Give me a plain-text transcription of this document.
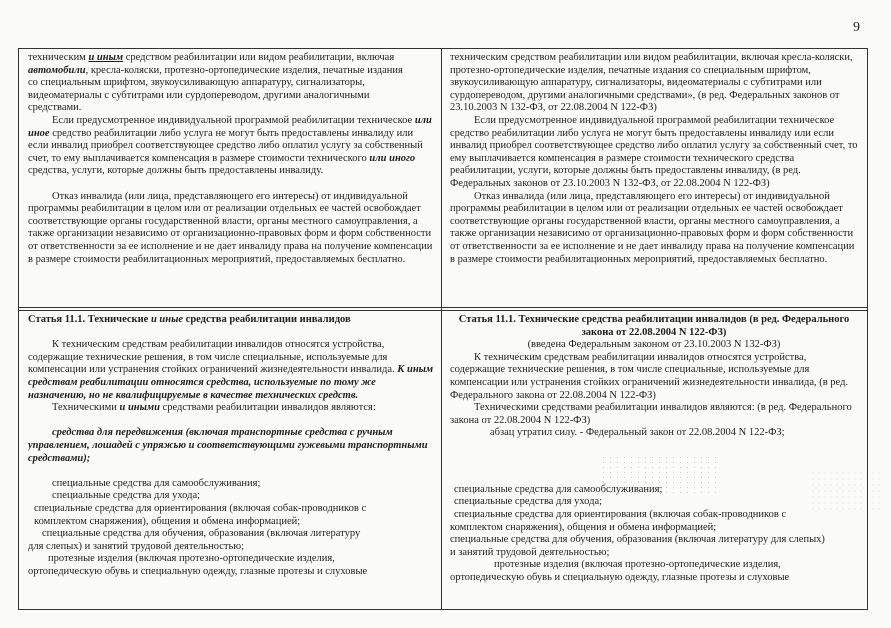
9

техническим и иным средством реабилитации или видом реабилитации, включая
автомобили, кресла-коляски, протезно-ортопедические изделия, печатные издания
со специальным шрифтом, звукоусиливающую аппаратуру, сигнализаторы,
видеоматериалы с субтитрами или сурдопереводом, другими аналогичными
средствами.

Если предусмотренное индивидуальной программой реабилитации техническое или иное средство реабилитации либо услуга не могут быть предоставлены инвалиду или если инвалид приобрел соответствующее средство либо оплатил услугу за собственный счет, то ему выплачивается компенсация в размере стоимости технического или иного средства, услуги, которые должны быть предоставлены инвалиду.

Отказ инвалида (или лица, представляющего его интересы) от индивидуальной программы реабилитации в целом или от реализации отдельных ее частей освобождает соответствующие органы государственной власти, органы местного самоуправления, а также организации независимо от организационно-правовых форм и форм собственности от ответственности за ее исполнение и не дает инвалиду права на получение компенсации в размере стоимости реабилитационных мероприятий, предоставляемых бесплатно.

техническим средством реабилитации или видом реабилитации, включая кресла-коляски, протезно-ортопедические изделия, печатные издания со специальным шрифтом, звукоусиливающую аппаратуру, сигнализаторы, видеоматериалы с субтитрами или сурдопереводом, другими аналогичными средствами», (в ред. Федеральных законов от 23.10.2003 N 132-ФЗ, от 22.08.2004 N 122-ФЗ)

Если предусмотренное индивидуальной программой реабилитации техническое средство реабилитации либо услуга не могут быть предоставлены инвалиду или если инвалид приобрел соответствующее средство либо оплатил услугу за собственный счет, то ему выплачивается компенсация в размере стоимости технического средства реабилитации, услуги, которые должны быть предоставлены инвалиду, (в ред. Федеральных законов от 23.10.2003 N 132-ФЗ, от 22.08.2004 N 122-ФЗ)

Отказ инвалида (или лица, представляющего его интересы) от индивидуальной программы реабилитации в целом или от реализации отдельных ее частей освобождает соответствующие органы государственной власти, органы местного самоуправления, а также организации независимо от организационно-правовых форм и форм собственности от ответственности за ее исполнение и не дает инвалиду права на получение компенсации в размере стоимости реабилитационных мероприятий, предоставляемых бесплатно.

Статья 11.1. Технические и иные средства реабилитации инвалидов

К техническим средствам реабилитации инвалидов относятся устройства, содержащие технические решения, в том числе специальные, используемые для компенсации или устранения стойких ограничений жизнедеятельности инвалида. К иным средствам реабилитации относятся средства, используемые по тому же назначению, но не квалифицируемые в качестве технических средств.

Техническими и иными средствами реабилитации инвалидов являются:

средства для передвижения (включая транспортные средства с ручным управлением, лошадей с упряжью и соответствующими гужевыми транспортными средствами);

специальные средства для самообслуживания;

специальные средства для ухода;

специальные средства для ориентирования (включая собак-проводников с
комплектом снаряжения), общения и обмена информацией;

специальные средства для обучения, образования (включая литературу
для слепых) и занятий трудовой деятельностью;

протезные изделия (включая протезно-ортопедические изделия,
ортопедическую обувь и специальную одежду, глазные протезы и слуховые

Статья 11.1. Технические средства реабилитации инвалидов (в ред. Федерального закона от 22.08.2004 N 122-ФЗ)

(введена Федеральным законом от 23.10.2003 N 132-ФЗ)

К техническим средствам реабилитации инвалидов относятся устройства, содержащие технические решения, в том числе специальные, используемые для компенсации или устранения стойких ограничений жизнедеятельности инвалида, (в ред. Федерального закона от 22.08.2004 N 122-ФЗ)

Техническими средствами реабилитации инвалидов являются: (в ред. Федерального закона от 22.08.2004 N 122-ФЗ)

абзац утратил силу. - Федеральный закон от 22.08.2004 N 122-ФЗ;

специальные средства для самообслуживания;

специальные средства для ухода;

специальные средства для ориентирования (включая собак-проводников с
комплектом снаряжения), общения и обмена информацией;

специальные средства для обучения, образования (включая литературу для слепых)
и занятий трудовой деятельностью;

протезные изделия (включая протезно-ортопедические изделия,
ортопедическую обувь и специальную одежду, глазные протезы и слуховые
